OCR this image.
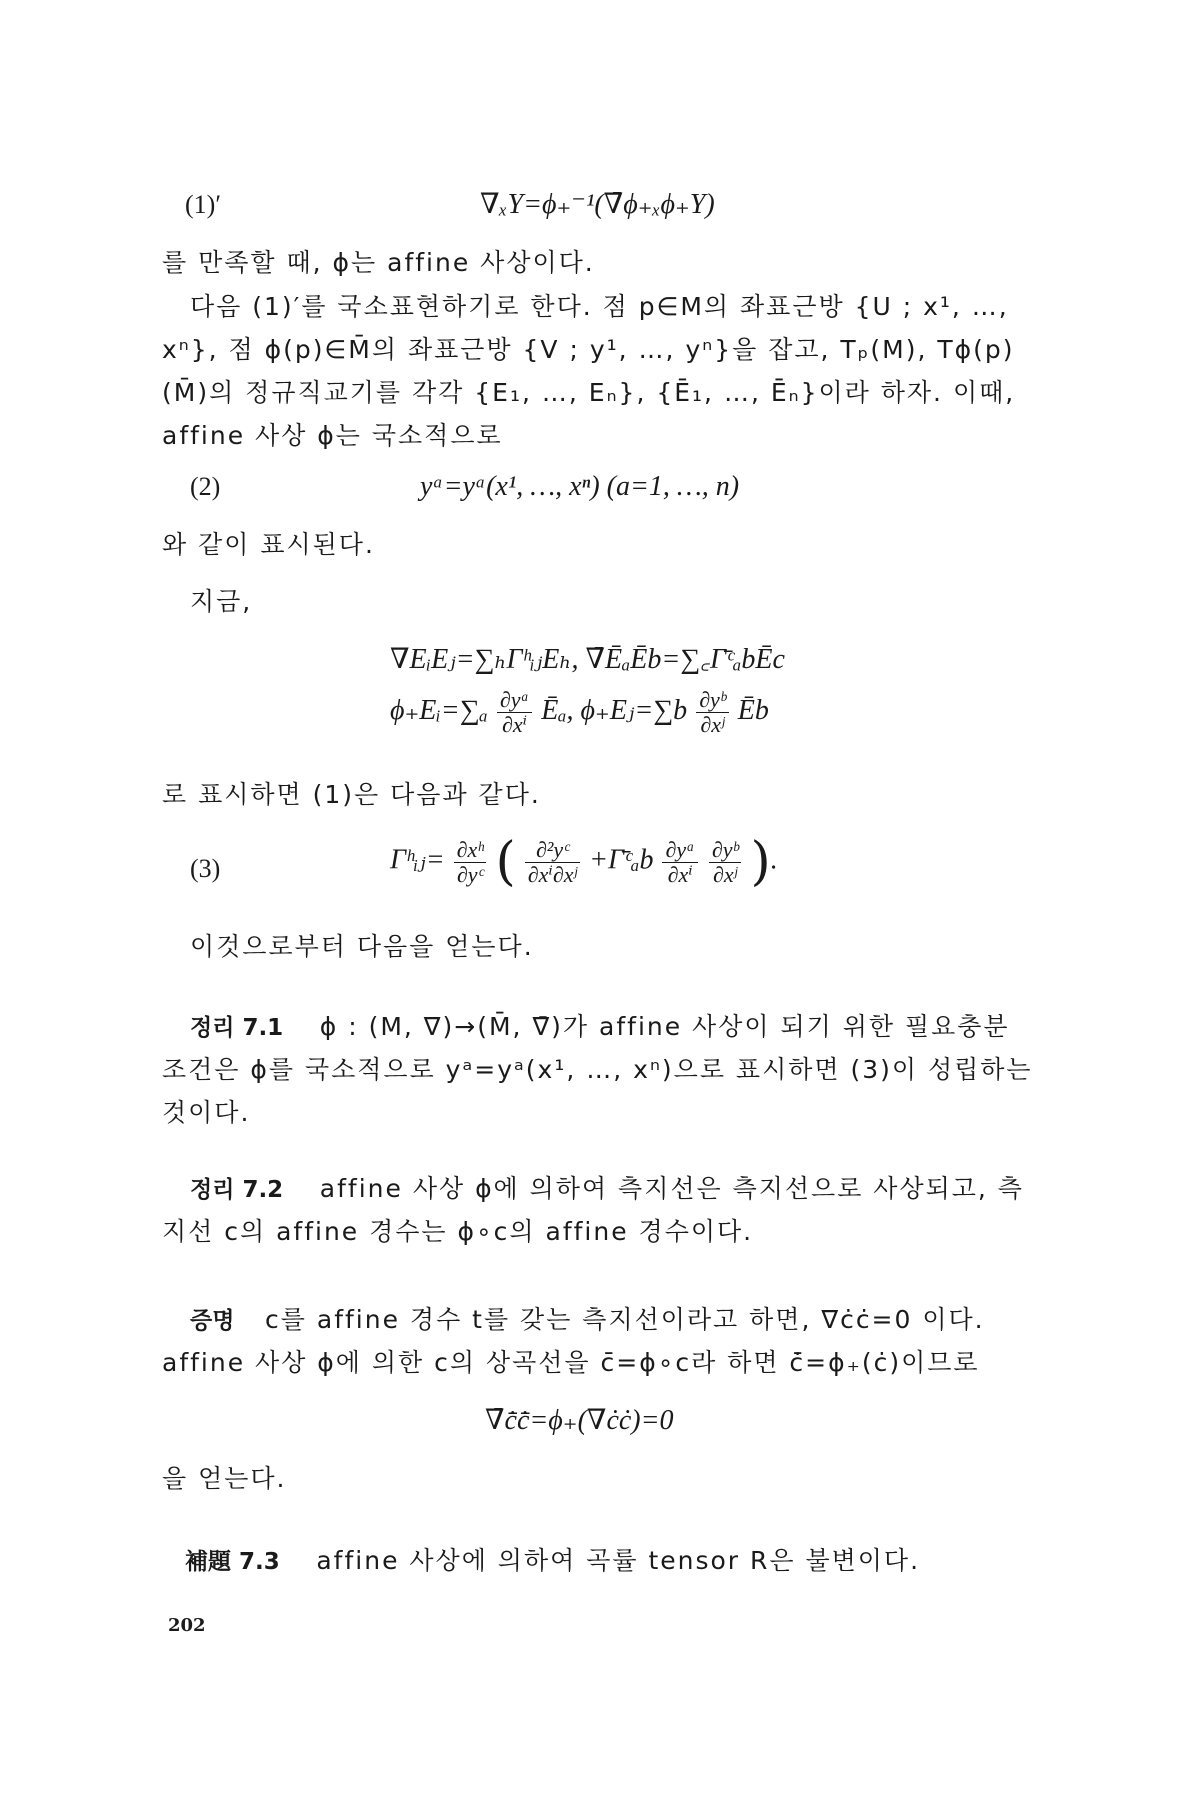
(1)′	∇ₓY=ϕ₊⁻¹(∇̄ϕ₊ₓϕ₊Y)
를 만족할 때, ϕ는 affine 사상이다.
다음 (1)′를 국소표현하기로 한다. 점 p∈M의 좌표근방 {U ; x¹, …,
xⁿ}, 점 ϕ(p)∈M̄의 좌표근방 {V ; y¹, …, yⁿ}을 잡고, Tₚ(M), Tϕ(p)
(M̄)의 정규직교기를 각각 {E₁, …, Eₙ}, {Ē₁, …, Ēₙ}이라 하자. 이때,
affine 사상 ϕ는 국소적으로
(2)	yᵃ=yᵃ(x¹, …, xⁿ) (a=1, …, n)
와 같이 표시된다.
지금,
∇EᵢEⱼ=∑ₕΓʰᵢⱼEₕ, ∇̄ĒₐĒb=∑꜀Γ̄ᶜₐbĒc
ϕ₊Eᵢ=∑ₐ $\frac{\text{∂yᵃ}}{\text{∂xⁱ}}$ Ēₐ, ϕ₊Eⱼ=∑b $\frac{\text{∂yᵇ}}{\text{∂xʲ}}$ Ēb
로 표시하면 (1)은 다음과 같다.
(3)	Γʰᵢⱼ= $\frac{\text{∂xʰ}}{\text{∂yᶜ}}$ ( $\frac{\text{∂²yᶜ}}{\text{∂xⁱ∂xʲ}}$ +Γ̄ᶜₐb $\frac{\text{∂yᵃ}}{\text{∂xⁱ}}$
$\frac{\text{∂yᵇ}}{\text{∂xʲ}}$ ).
이것으로부터 다음을 얻는다.
정리 7.1 ϕ : (M, ∇)→(M̄, ∇̄)가 affine 사상이 되기 위한 필요충분
조건은 ϕ를 국소적으로 yᵃ=yᵃ(x¹, …, xⁿ)으로 표시하면 (3)이 성립하는
것이다.
정리 7.2 affine 사상 ϕ에 의하여 측지선은 측지선으로 사상되고, 측
지선 c의 affine 경수는 ϕ∘c의 affine 경수이다.
증명 c를 affine 경수 t를 갖는 측지선이라고 하면, ∇ċċ=0 이다.
affine 사상 ϕ에 의한 c의 상곡선을 c̄=ϕ∘c라 하면 c̄̇=ϕ₊(ċ)이므로
∇̄c̄̇c̄̇=ϕ₊(∇ċċ)=0
을 얻는다.
補題 7.3 affine 사상에 의하여 곡률 tensor R은 불변이다.
202
